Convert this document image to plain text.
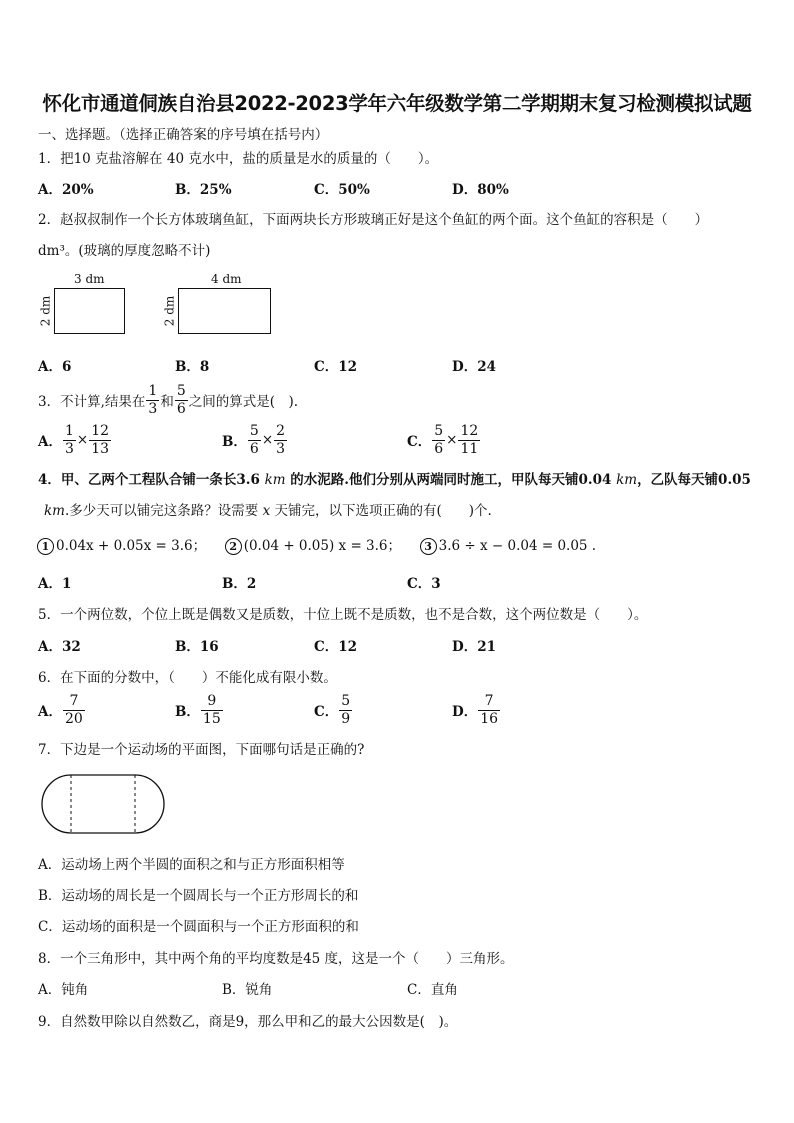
怀化市通道侗族自治县2022-2023学年六年级数学第二学期期末复习检测模拟试题
一、选择题。（选择正确答案的序号填在括号内）
1．把10 克盐溶解在 40 克水中，盐的质量是水的质量的（　　）。
A．20%	B．25%	C．50%	D．80%
2．赵叔叔制作一个长方体玻璃鱼缸，下面两块长方形玻璃正好是这个鱼缸的两个面。这个鱼缸的容积是（　　）
dm³。(玻璃的厚度忽略不计)
3 dm
2 dm
4 dm
2 dm
A．6	B．8	C．12	D．24
3．不计算,结果在 $\frac{1}{3}$ 和 $\frac{5}{6}$ 之间的算式是(　).
A． $\frac{1}{3} \times \frac{12}{13}$	B． $\frac{5}{6} \times \frac{2}{3}$	C． $\frac{5}{6} \times \frac{12}{11}$
4．甲、乙两个工程队合铺一条长3.6 km 的水泥路.他们分别从两端同时施工，甲队每天铺0.04 km，乙队每天铺0.05
km.多少天可以铺完这条路？设需要 x 天铺完，以下选项正确的有(　　)个.
1 0.04x + 0.05x = 3.6； 2 (0.04 + 0.05) x = 3.6； 3 3.6 ÷ x − 0.04 = 0.05 .
A．1	B．2	C．3
5．一个两位数，个位上既是偶数又是质数，十位上既不是质数，也不是合数，这个两位数是（　　）。
A．32	B．16	C．12	D．21
6．在下面的分数中，（　　）不能化成有限小数。
A． $\frac{7}{20}$	B． $\frac{9}{15}$	C． $\frac{5}{9}$	D． $\frac{7}{16}$
7．下边是一个运动场的平面图，下面哪句话是正确的?
A．运动场上两个半圆的面积之和与正方形面积相等
B．运动场的周长是一个圆周长与一个正方形周长的和
C．运动场的面积是一个圆面积与一个正方形面积的和
8．一个三角形中，其中两个角的平均度数是45 度，这是一个（　　）三角形。
A．钝角	B．锐角	C．直角
9．自然数甲除以自然数乙，商是9，那么甲和乙的最大公因数是(　)。
